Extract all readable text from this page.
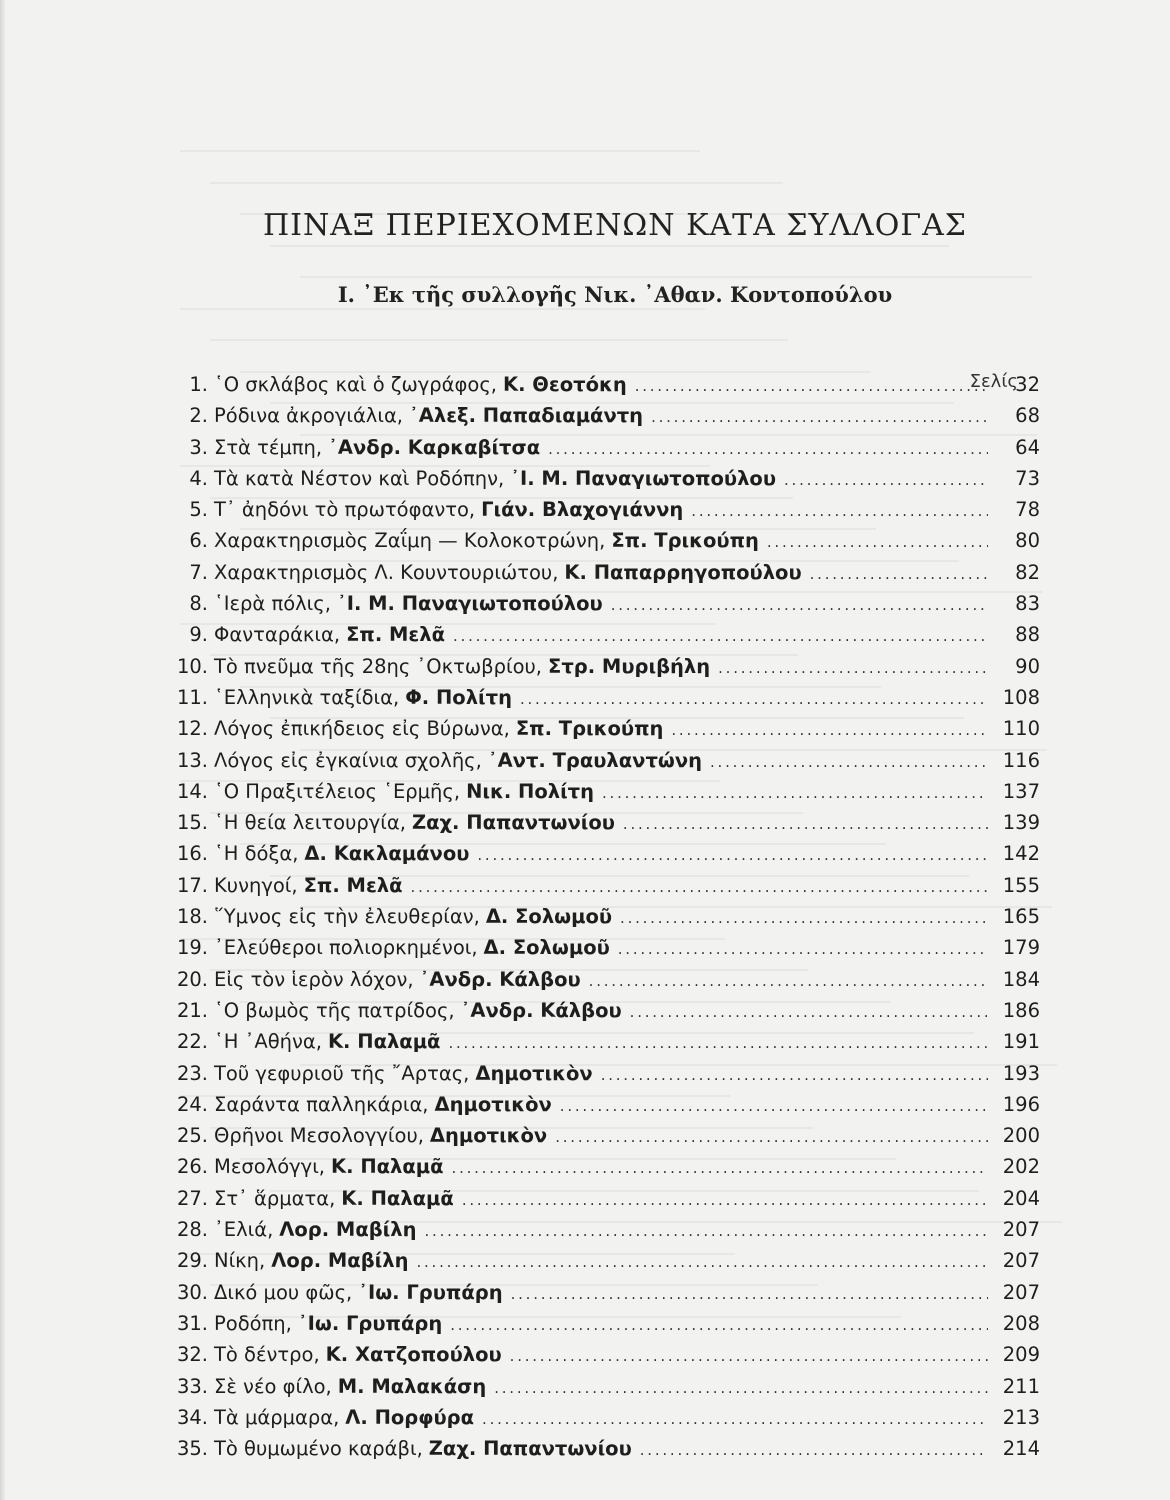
ΠΙΝΑΞ ΠΕΡΙΕΧΟΜΕΝΩΝ ΚΑΤΑ ΣΥΛΛΟΓΑΣ
Ι. ᾿Εκ τῆς συλλογῆς Νικ. ᾿Αθαν. Κοντοπούλου
Σελίς
1. ῾Ο σκλάβος καὶ ὁ ζωγράφος, Κ. Θεοτόκη . . .	32
2. Ρόδινα ἀκρογιάλια, ᾿Αλεξ. Παπαδιαμάντη . . .	68
3. Στὰ τέμπη, ᾿Ανδρ. Καρκαβίτσα . . .	64
4. Τὰ κατὰ Νέστον καὶ Ροδόπην, ᾿Ι. Μ. Παναγιωτοπούλου . . .	73
5. Τ᾿ ἀηδόνι τὸ πρωτόφαντο, Γιάν. Βλαχογιάννη . . .	78
6. Χαρακτηρισμὸς Ζαΐμη — Κολοκοτρώνη, Σπ. Τρικούπη . . .	80
7. Χαρακτηρισμὸς Λ. Κουντουριώτου, Κ. Παπαρρηγοπούλου . . .	82
8. ῾Ιερὰ πόλις, ᾿Ι. Μ. Παναγιωτοπούλου . . .	83
9. Φανταράκια, Σπ. Μελᾶ . . .	88
10. Τὸ πνεῦμα τῆς 28ης ᾿Οκτωβρίου, Στρ. Μυριβήλη . . .	90
11. ῾Ελληνικὰ ταξίδια, Φ. Πολίτη . . .	108
12. Λόγος ἐπικήδειος εἰς Βύρωνα, Σπ. Τρικούπη . . .	110
13. Λόγος εἰς ἐγκαίνια σχολῆς, ᾿Αντ. Τραυλαντώνη . . .	116
14. ῾Ο Πραξιτέλειος ῾Ερμῆς, Νικ. Πολίτη . . .	137
15. ῾Η θεία λειτουργία, Ζαχ. Παπαντωνίου . . .	139
16. ῾Η δόξα, Δ. Κακλαμάνου . . .	142
17. Κυνηγοί, Σπ. Μελᾶ . . .	155
18. ῞Υμνος εἰς τὴν ἐλευθερίαν, Δ. Σολωμοῦ . . .	165
19. ᾿Ελεύθεροι πολιορκημένοι, Δ. Σολωμοῦ . . .	179
20. Εἰς τὸν ἱερὸν λόχον, ᾿Ανδρ. Κάλβου . . .	184
21. ῾Ο βωμὸς τῆς πατρίδος, ᾿Ανδρ. Κάλβου . . .	186
22. ῾Η ᾿Αθήνα, Κ. Παλαμᾶ . . .	191
23. Τοῦ γεφυριοῦ τῆς ῎Αρτας, Δημοτικὸν . . .	193
24. Σαράντα παλληκάρια, Δημοτικὸν . . .	196
25. Θρῆνοι Μεσολογγίου, Δημοτικὸν . . .	200
26. Μεσολόγγι, Κ. Παλαμᾶ . . .	202
27. Στ᾿ ἅρματα, Κ. Παλαμᾶ . . .	204
28. ᾿Ελιά, Λορ. Μαβίλη . . .	207
29. Νίκη, Λορ. Μαβίλη . . .	207
30. Δικό μου φῶς, ᾿Ιω. Γρυπάρη . . .	207
31. Ροδόπη, ᾿Ιω. Γρυπάρη . . .	208
32. Τὸ δέντρο, Κ. Χατζοπούλου . . .	209
33. Σὲ νέο φίλο, Μ. Μαλακάση . . .	211
34. Τὰ μάρμαρα, Λ. Πορφύρα . . .	213
35. Τὸ θυμωμένο καράβι, Ζαχ. Παπαντωνίου . . .	214
